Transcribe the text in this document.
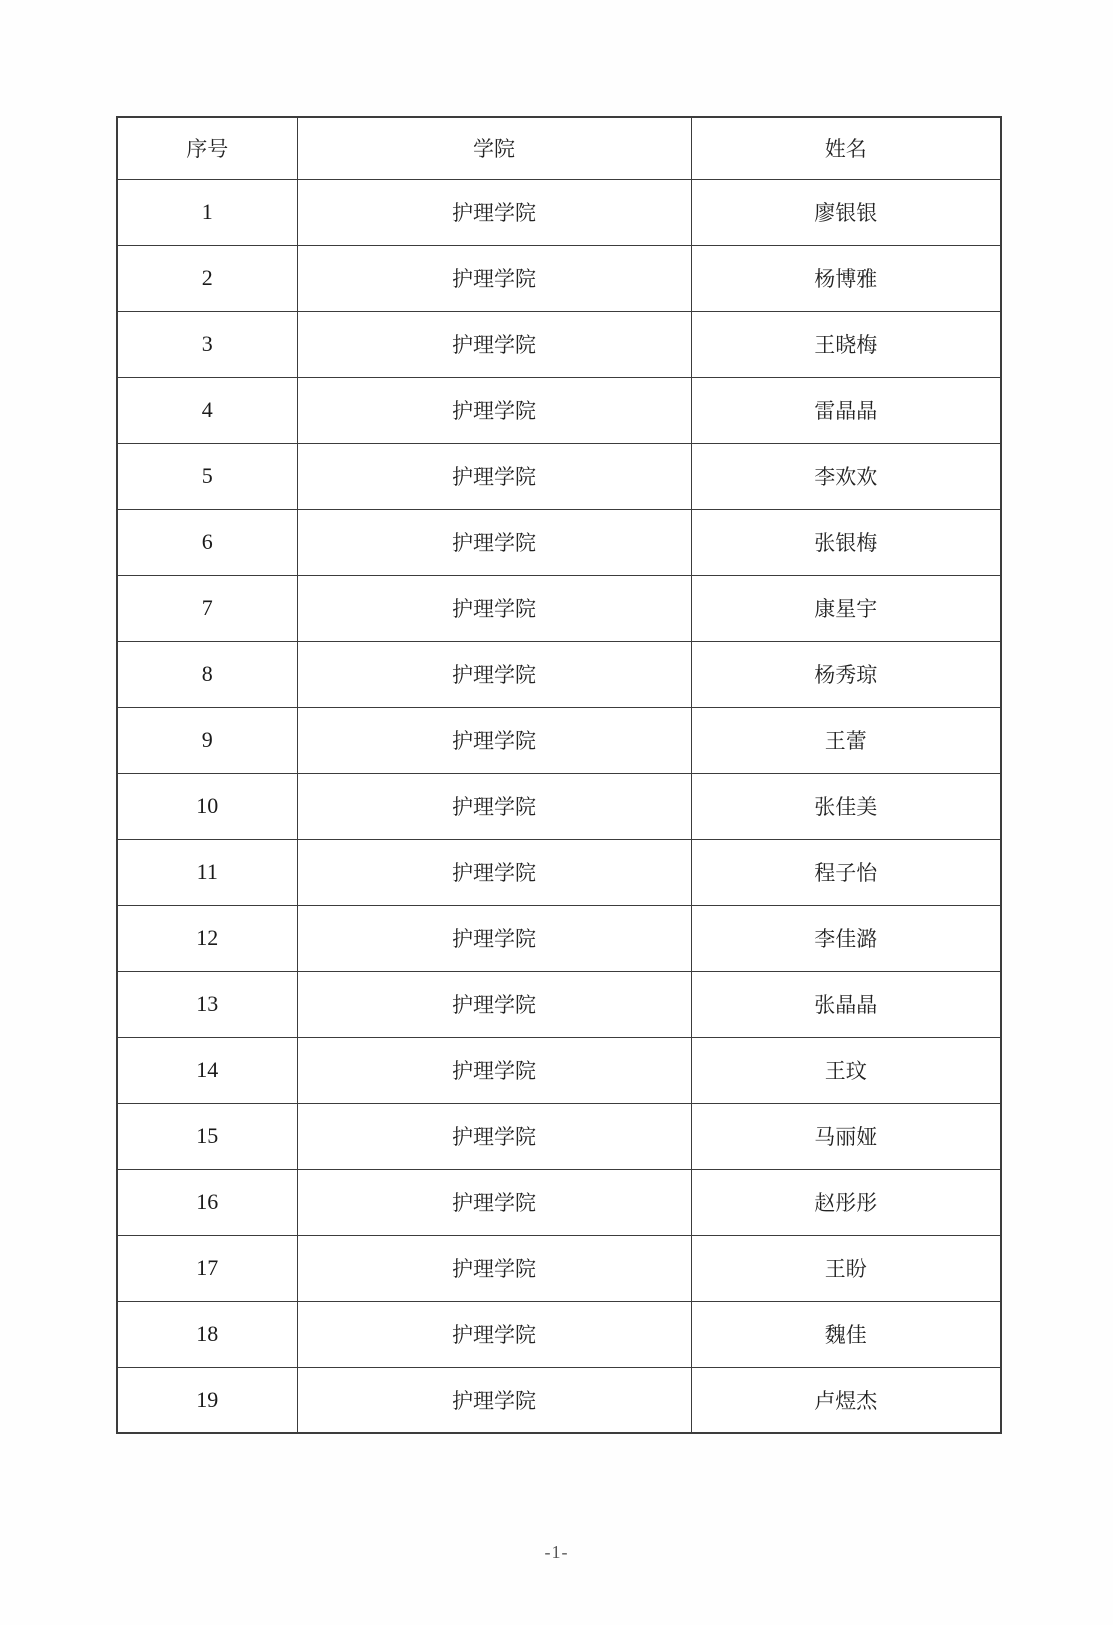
序号	学院	姓名
1	护理学院	廖银银
2	护理学院	杨博雅
3	护理学院	王晓梅
4	护理学院	雷晶晶
5	护理学院	李欢欢
6	护理学院	张银梅
7	护理学院	康星宇
8	护理学院	杨秀琼
9	护理学院	王蕾
10	护理学院	张佳美
11	护理学院	程子怡
12	护理学院	李佳潞
13	护理学院	张晶晶
14	护理学院	王玟
15	护理学院	马丽娅
16	护理学院	赵彤彤
17	护理学院	王盼
18	护理学院	魏佳
19	护理学院	卢煜杰
-1-
